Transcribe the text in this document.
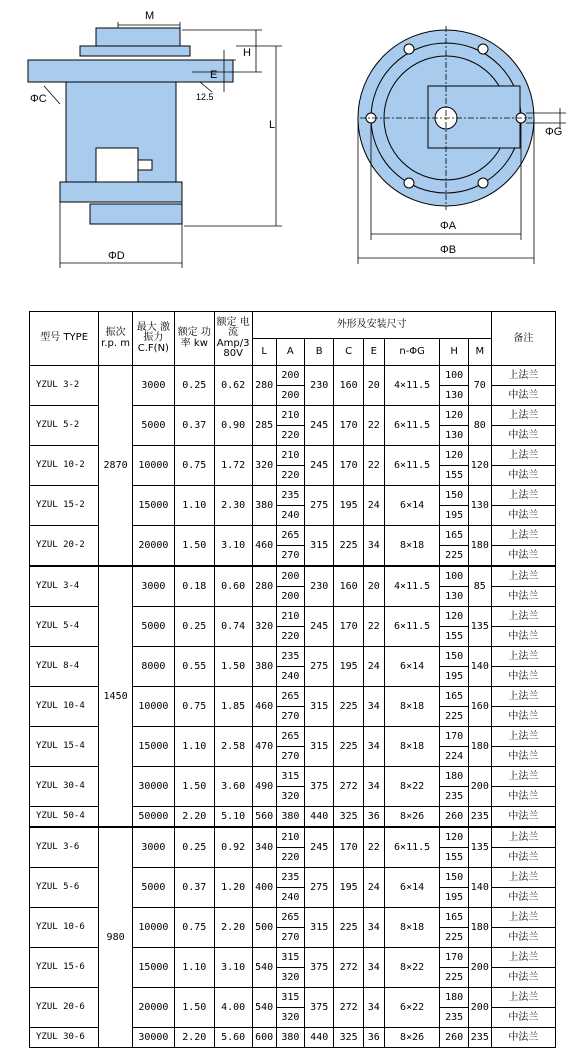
M
H
E
12.5
L
ΦC
ΦD
ΦA
ΦB
ΦG
型号 TYPE	振次 r.p. m	最大 激振力 C.F(N)	额定 功率 kw	额定 电流 Amp/3 80V	外形及安装尺寸								备注
					L	A	B	C	E	n-ΦG	H	M	
YZUL 3-2	2870	3000	0.25	0.62	280	200	230	160	20	4×11.5	100	70	上法兰
						200					130		中法兰
YZUL 5-2		5000	0.37	0.90	285	210	245	170	22	6×11.5	120	80	上法兰
						220					130		中法兰
YZUL 10-2		10000	0.75	1.72	320	210	245	170	22	6×11.5	120	120	上法兰
						220					155		中法兰
YZUL 15-2		15000	1.10	2.30	380	235	275	195	24	6×14	150	130	上法兰
						240					195		中法兰
YZUL 20-2		20000	1.50	3.10	460	265	315	225	34	8×18	165	180	上法兰
						270					225		中法兰
YZUL 3-4	1450	3000	0.18	0.60	280	200	230	160	20	4×11.5	100	85	上法兰
						200					130		中法兰
YZUL 5-4		5000	0.25	0.74	320	210	245	170	22	6×11.5	120	135	上法兰
						220					155		中法兰
YZUL 8-4		8000	0.55	1.50	380	235	275	195	24	6×14	150	140	上法兰
						240					195		中法兰
YZUL 10-4		10000	0.75	1.85	460	265	315	225	34	8×18	165	160	上法兰
						270					225		中法兰
YZUL 15-4		15000	1.10	2.58	470	265	315	225	34	8×18	170	180	上法兰
						270					224		中法兰
YZUL 30-4		30000	1.50	3.60	490	315	375	272	34	8×22	180	200	上法兰
						320					235		中法兰
YZUL 50-4		50000	2.20	5.10	560	380	440	325	36	8×26	260	235	中法兰
YZUL 3-6	980	3000	0.25	0.92	340	210	245	170	22	6×11.5	120	135	上法兰
						220					155		中法兰
YZUL 5-6		5000	0.37	1.20	400	235	275	195	24	6×14	150	140	上法兰
						240					195		中法兰
YZUL 10-6		10000	0.75	2.20	500	265	315	225	34	8×18	165	180	上法兰
						270					225		中法兰
YZUL 15-6		15000	1.10	3.10	540	315	375	272	34	8×22	170	200	上法兰
						320					225		中法兰
YZUL 20-6		20000	1.50	4.00	540	315	375	272	34	6×22	180	200	上法兰
						320					235		中法兰
YZUL 30-6		30000	2.20	5.60	600	380	440	325	36	8×26	260	235	中法兰
